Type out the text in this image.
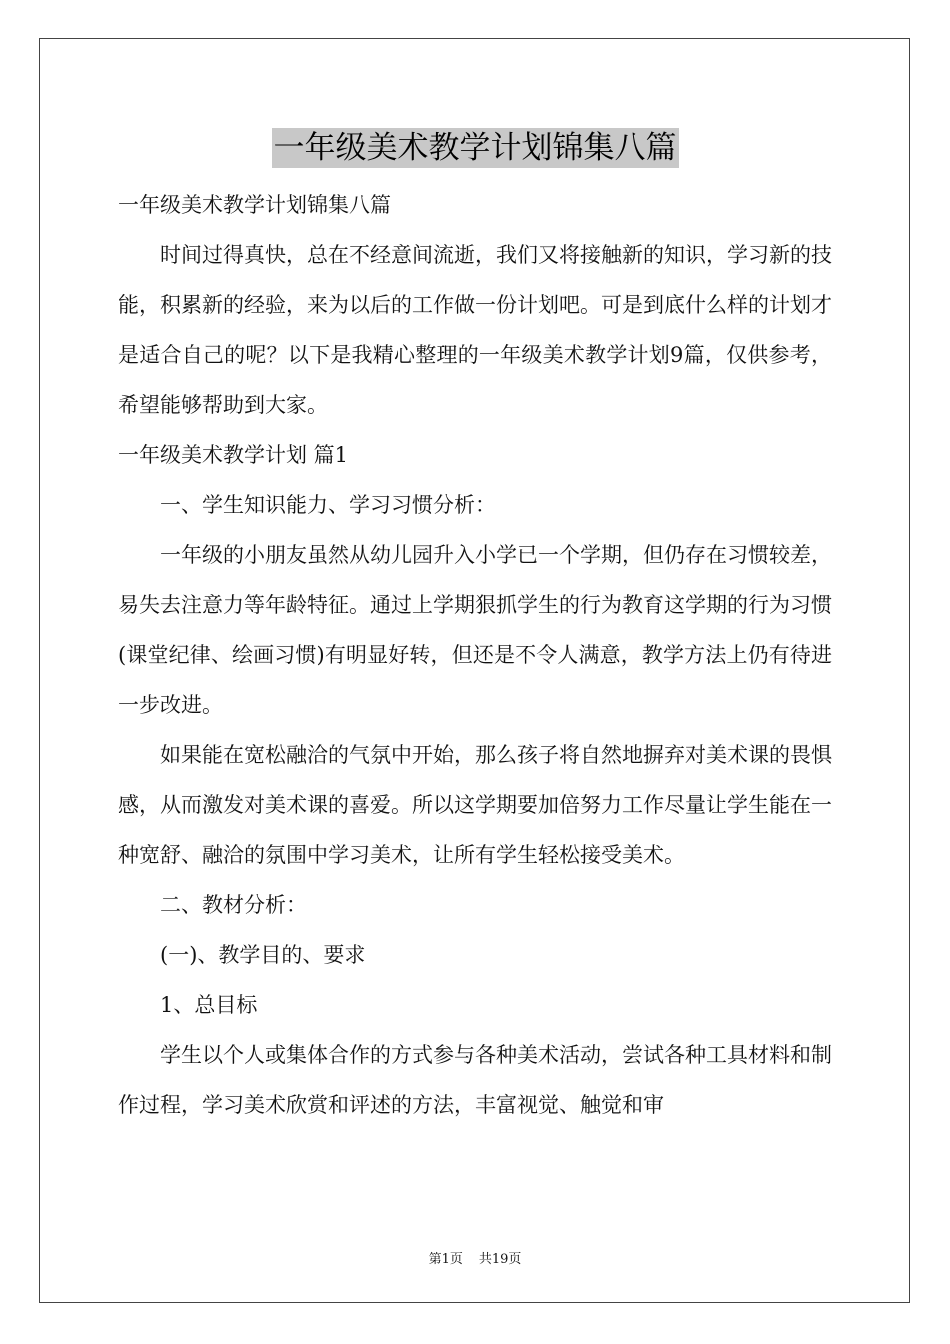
一年级美术教学计划锦集八篇

一年级美术教学计划锦集八篇

时间过得真快，总在不经意间流逝，我们又将接触新的知识，学习新的技能，积累新的经验，来为以后的工作做一份计划吧。可是到底什么样的计划才是适合自己的呢？以下是我精心整理的一年级美术教学计划9篇，仅供参考，希望能够帮助到大家。

一年级美术教学计划 篇1

一、学生知识能力、学习习惯分析：

一年级的小朋友虽然从幼儿园升入小学已一个学期，但仍存在习惯较差，易失去注意力等年龄特征。通过上学期狠抓学生的行为教育这学期的行为习惯(课堂纪律、绘画习惯)有明显好转，但还是不令人满意，教学方法上仍有待进一步改进。

如果能在宽松融洽的气氛中开始，那么孩子将自然地摒弃对美术课的畏惧感，从而激发对美术课的喜爱。所以这学期要加倍努力工作尽量让学生能在一种宽舒、融洽的氛围中学习美术，让所有学生轻松接受美术。

二、教材分析：

(一)、教学目的、要求

1、总目标

学生以个人或集体合作的方式参与各种美术活动，尝试各种工具材料和制作过程，学习美术欣赏和评述的方法，丰富视觉、触觉和审

第1页 共19页
